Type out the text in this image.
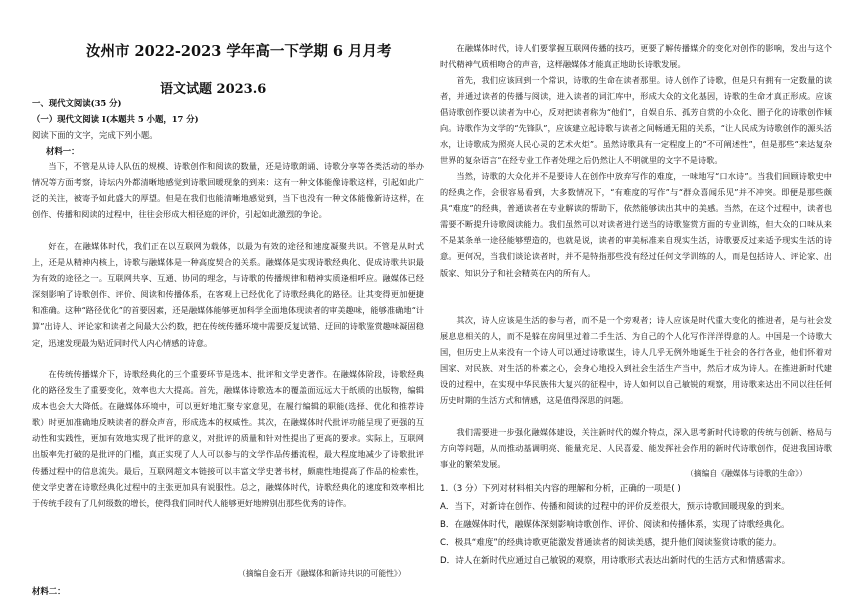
汝州市 2022-2023 学年高一下学期 6 月月考
语文试题 2023.6
一、现代文阅读(35 分)
（一）现代文阅读 I(本题共 5 小题，17 分)
阅读下面的文字，完成下列小题。
材料一：

当下，不管是从诗人队伍的规模、诗歌创作和阅读的数量，还是诗歌朗诵、诗歌分享等各类活动的举办情况等方面考察，诗坛内外都清晰地感觉到诗歌回暖现象的到来：这有一种文体能像诗歌这样，引起如此广泛的关注，被寄予如此盛大的厚望。但是在我们也能清晰地感觉到，当下也没有一种文体能像新诗这样，在创作、传播和阅读的过程中，往往会形成大相径庭的评价，引起如此激烈的争论。

好在，在融媒体时代，我们正在以互联网为载体，以最为有效的途径和速度凝聚共识。不管是从时式上，还是从精神内核上，诗歌与融媒体是一种高度契合的关系。融媒体是实现诗歌经典化、促成诗歌共识最为有效的途径之一。互联网共享、互通、协同的理念，与诗歌的传播规律和精神实质逢相呼应。融媒体已经深刻影响了诗歌创作、评价、阅读和传播体系，在客观上已经优化了诗歌经典化的路径。让其变得更加便捷和准确。这种“路径优化”的首要因素，还是融媒体能够更加科学全面地体现读者的审美趣味，能够准确地“计算”出诗人、评论家和读者之间最大公约数，把在传统传播环境中需要反复试错、迂回的诗歌鉴赏趣味凝固稳定，迅速发现最为贴近同时代人内心情感的诗意。

在传统传播媒介下，诗歌经典化的三个重要环节是选本、批评和文学史著作。在融媒体阶段，诗歌经典化的路径发生了重要变化，效率也大大提高。首先，融媒体诗歌选本的覆盖面远远大于纸质的出版物，编辑成本也会大大降低。在融媒体环境中，可以更好地汇聚专家意见，在履行编辑的职能(选择、优化和推荐诗歌）时更加准确地反映读者的群众声音，形成选本的权威性。其次，在融媒体时代批评功能呈现了更强的互动性和实践性，更加有效地实现了批评的意义，对批评的质量和针对性提出了更高的要求。实际上，互联网出版率先打破的是批评的门槛，真正实现了人人可以参与的文学作品传播流程，最大程度地减少了诗歌批评传播过程中的信息流失。最后，互联网超文本链接可以丰富文学史著书材，颇鹿性地提高了作品的检索性，使文学史著在诗歌经典化过程中的主张更加具有说服性。总之，融媒体时代，诗歌经典化的速度和效率相比于传统手段有了几何级数的增长，使得我们同时代人能够更好地辨别出那些优秀的诗作。

（摘编自金石开《融媒体和新诗共识的可能性》）
材料二：

在融媒体时代，诗人们要掌握互联网传播的技巧，更要了解传播媒介的变化对创作的影响，发出与这个时代精神气质相吻合的声音，这样融媒体才能真正地助长诗歌发展。

首先，我们应该回到一个常识，诗歌的生命在读者那里。诗人创作了诗歌，但是只有拥有一定数量的读者，并通过读者的传播与阅读，进入读者的词汇库中，形成大众的文化基因，诗歌的生命才真正形成。应该倡诗歌创作要以读者为中心，反对把读者称为“他们”，自娱自乐、孤芳自赏的小众化、圈子化的诗歌创作倾向。诗歌作为文学的“先锋队”，应该建立起诗歌与读者之间畅通无阻的关系，“让人民成为诗歌创作的源头活水，让诗歌成为照亮人民心灵的艺术火炬”。虽然诗歌具有一定程度上的“不可阐述性”，但是那些“来达复杂世界的复杂语言”在经专业工作者处理之后仍然让人不明就里的文字不是诗歌。

当然，诗歌的大众化并不是要诗人在创作中放弃写作的难度，一味地写“口水诗”。当我们回顾诗歌史中的经典之作，会很容易看到，大多数情况下，“有难度的写作”与“群众喜闻乐见”并不冲突。即便是那些颇具“难度”的经典，普通读者在专业解读的帮助下，依然能够读出其中的美感。当然，在这个过程中，读者也需要不断提升诗歌阅读能力。我们虽然可以对读者进行送当的诗歌鉴赏方面的专业训练，但大众的口味从来不是某条单一途径能够塑造的，也就是说，读者的审美标准来自现实生活，诗歌要反过来适予现实生活的诗意。更何况，当我们谈论读者时，并不是特指那些没有经过任何文学训练的人，而是包括诗人、评论家、出版家、知识分子和社会精英在内的所有人。

其次，诗人应该是生活的参与者，而不是一个旁观者；诗人应该是时代重大变化的推进者，是与社会发展息息相关的人，而不是躲在房间里过着二手生活、为自己的个人化写作洋洋得意的人。中国是一个诗歌大国，但历史上从来没有一个诗人可以通过诗歌谋生，诗人几乎无例外地诞生于社会的各行各业，他们怀着对国家、对民族、对生活的朴素之心，会身心地投入到社会生活生产当中，然后才成为诗人。在推进新时代建设的过程中，在实现中华民族伟大复兴的征程中，诗人如何以自己敏锐的观察，用诗歌来达出不同以往任何历史时期的生活方式和情感，这是值得深思的问题。

我们需要进一步强化融媒体建设，关注新时代的媒介特点，深入思考新时代诗歌的传统与创新、格局与方向等问题，从而推动基调明亮、能量充足、人民喜爱、能发挥社会作用的新时代诗歌创作，促进我国诗歌事业的繁荣发展。

（摘编自《融媒体与诗歌的生命》）
1.（3 分）下列对材料相关内容的理解和分析，正确的一项是( )
A．当下，对新诗在创作、传播和阅读的过程中的评价反差很大，预示诗歌回暖现象的到来。
B．在融媒体时代，融媒体深刻影响诗歌创作、评价、阅读和传播体系，实现了诗歌经典化。
C．极具“难度”的经典诗歌更能激发普通读者的阅读美感，提升他们阅读鉴赏诗歌的能力。
D．诗人在新时代应通过自己敏锐的观察，用诗歌形式表达出新时代的生活方式和情感需求。
